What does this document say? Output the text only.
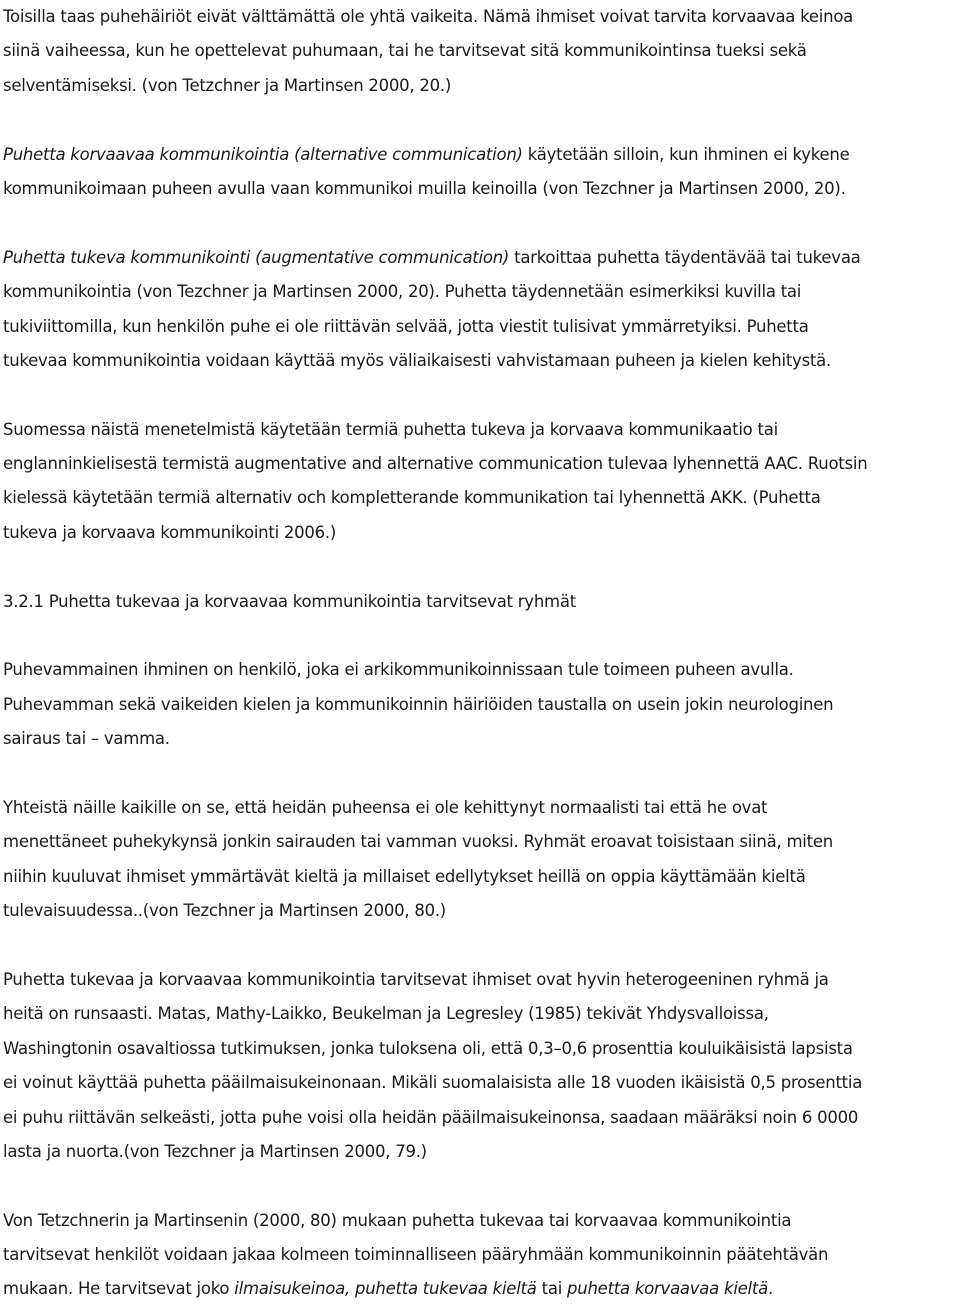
Toisilla taas puhehäiriöt eivät välttämättä ole yhtä vaikeita. Nämä ihmiset voivat tarvita korvaavaa keinoa
siinä vaiheessa, kun he opettelevat puhumaan, tai he tarvitsevat sitä kommunikointinsa tueksi sekä
selventämiseksi. (von Tetzchner ja Martinsen 2000, 20.)
Puhetta korvaavaa kommunikointia (alternative communication) käytetään silloin, kun ihminen ei kykene
kommunikoimaan puheen avulla vaan kommunikoi muilla keinoilla (von Tezchner ja Martinsen 2000, 20).
Puhetta tukeva kommunikointi (augmentative communication) tarkoittaa puhetta täydentävää tai tukevaa
kommunikointia (von Tezchner ja Martinsen 2000, 20). Puhetta täydennetään esimerkiksi kuvilla tai
tukiviittomilla, kun henkilön puhe ei ole riittävän selvää, jotta viestit tulisivat ymmärretyiksi. Puhetta
tukevaa kommunikointia voidaan käyttää myös väliaikaisesti vahvistamaan puheen ja kielen kehitystä.
Suomessa näistä menetelmistä käytetään termiä puhetta tukeva ja korvaava kommunikaatio tai
englanninkielisestä termistä augmentative and alternative communication tulevaa lyhennettä AAC. Ruotsin
kielessä käytetään termiä alternativ och kompletterande kommunikation tai lyhennettä AKK. (Puhetta
tukeva ja korvaava kommunikointi 2006.)
3.2.1 Puhetta tukevaa ja korvaavaa kommunikointia tarvitsevat ryhmät
Puhevammainen ihminen on henkilö, joka ei arkikommunikoinnissaan tule toimeen puheen avulla.
Puhevamman sekä vaikeiden kielen ja kommunikoinnin häiriöiden taustalla on usein jokin neurologinen
sairaus tai – vamma.
Yhteistä näille kaikille on se, että heidän puheensa ei ole kehittynyt normaalisti tai että he ovat
menettäneet puhekykynsä jonkin sairauden tai vamman vuoksi. Ryhmät eroavat toisistaan siinä, miten
niihin kuuluvat ihmiset ymmärtävät kieltä ja millaiset edellytykset heillä on oppia käyttämään kieltä
tulevaisuudessa..(von Tezchner ja Martinsen 2000, 80.)
Puhetta tukevaa ja korvaavaa kommunikointia tarvitsevat ihmiset ovat hyvin heterogeeninen ryhmä ja
heitä on runsaasti. Matas, Mathy-Laikko, Beukelman ja Legresley (1985) tekivät Yhdysvalloissa,
Washingtonin osavaltiossa tutkimuksen, jonka tuloksena oli, että 0,3–0,6 prosenttia kouluikäisistä lapsista
ei voinut käyttää puhetta pääilmaisukeinonaan. Mikäli suomalaisista alle 18 vuoden ikäisistä 0,5 prosenttia
ei puhu riittävän selkeästi, jotta puhe voisi olla heidän pääilmaisukeinonsa, saadaan määräksi noin 6 0000
lasta ja nuorta.(von Tezchner ja Martinsen 2000, 79.)
Von Tetzchnerin ja Martinsenin (2000, 80) mukaan puhetta tukevaa tai korvaavaa kommunikointia
tarvitsevat henkilöt voidaan jakaa kolmeen toiminnalliseen pääryhmään kommunikoinnin päätehtävän
mukaan. He tarvitsevat joko ilmaisukeinoa, puhetta tukevaa kieltä tai puhetta korvaavaa kieltä.
